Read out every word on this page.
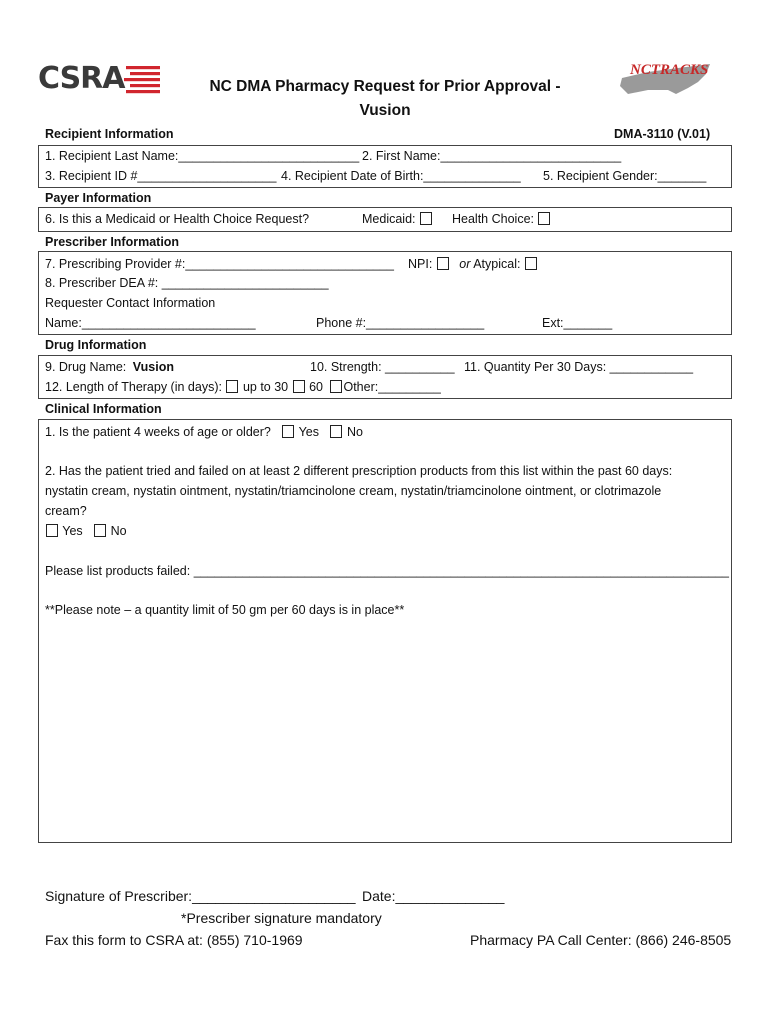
CSRA	NC DMA Pharmacy Request for Prior Approval -
Vusion
NCTRACKS
Recipient Information	DMA-3110 (V.01)
1. Recipient Last Name:__________________________ 2. First Name:__________________________
3. Recipient ID #____________________ 4. Recipient Date of Birth:______________ 5. Recipient Gender:_______
Payer Information
6. Is this a Medicaid or Health Choice Request?	Medicaid:	Health Choice:
Prescriber Information
7. Prescribing Provider #:______________________________ NPI: or Atypical:
8. Prescriber DEA #: ________________________
Requester Contact Information
Name:_________________________	Phone #:_________________	Ext:_______
Drug Information
9. Drug Name: Vusion	10. Strength: __________ 11. Quantity Per 30 Days: ____________
12. Length of Therapy (in days): up to 30 60 Other:_________
Clinical Information
1. Is the patient 4 weeks of age or older? Yes No
2. Has the patient tried and failed on at least 2 different prescription products from this list within the past 60 days:
nystatin cream, nystatin ointment, nystatin/triamcinolone cream, nystatin/triamcinolone ointment, or clotrimazole
cream?
Yes No
Please list products failed: _____________________________________________________________________________
**Please note – a quantity limit of 50 gm per 60 days is in place**
Signature of Prescriber:_____________________ Date:______________
*Prescriber signature mandatory
Fax this form to CSRA at: (855) 710-1969	Pharmacy PA Call Center: (866) 246-8505
